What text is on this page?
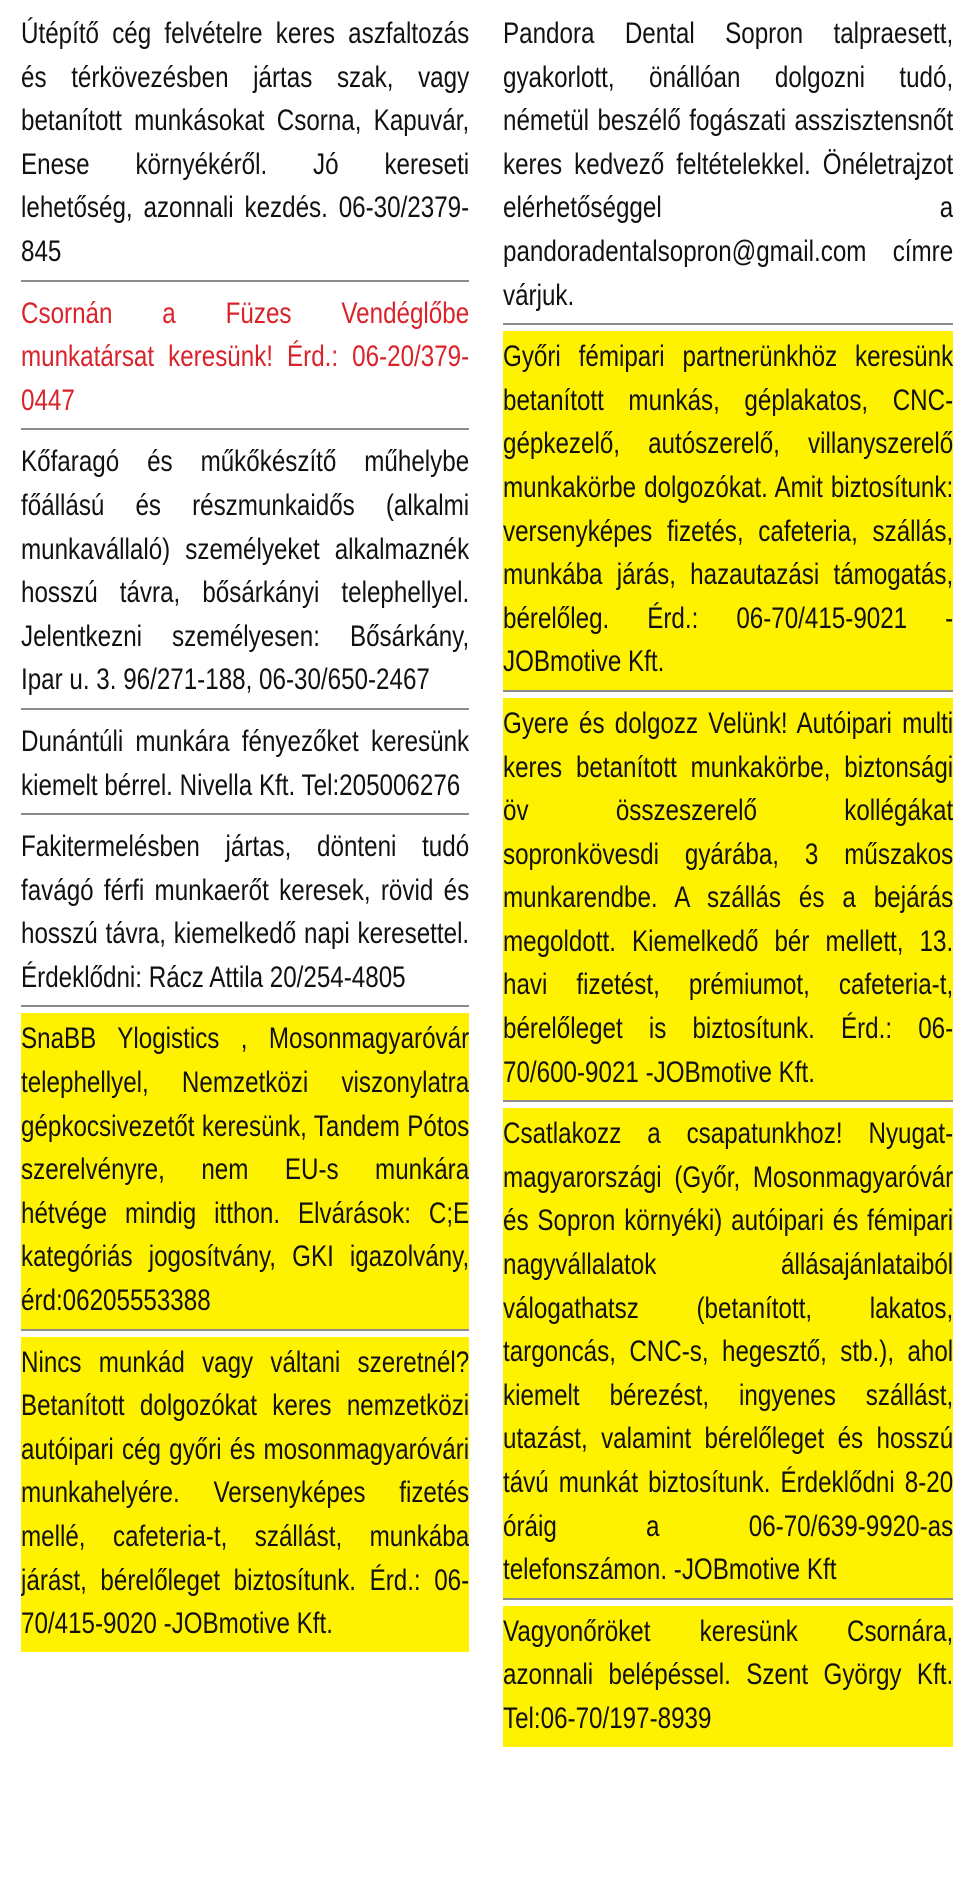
Útépítő cég felvételre keres aszfaltozás és térkövezésben jártas szak, vagy betanított munkásokat Csorna, Kapuvár, Enese környékéről. Jó kereseti lehetőség, azonnali kezdés. 06-30/2379-845
Csornán a Füzes Vendéglőbe munkatársat keresünk! Érd.: 06-20/379-0447
Kőfaragó és műkőkészítő műhelybe főállású és részmunkaidős (alkalmi munkavállaló) személyeket alkalmaznék hosszú távra, bősárkányi telephellyel. Jelentkezni személyesen: Bősárkány, Ipar u. 3. 96/271-188, 06-30/650-2467
Dunántúli munkára fényezőket keresünk kiemelt bérrel. Nivella Kft. Tel:205006276
Fakitermelésben jártas, dönteni tudó favágó férfi munkaerőt keresek, rövid és hosszú távra, kiemelkedő napi keresettel. Érdeklődni: Rácz Attila 20/254-4805
SnaBB Ylogistics , Mosonmagyaróvár telephellyel, Nemzetközi viszonylatra gépkocsivezetőt keresünk, Tandem Pótos szerelvényre, nem EU-s munkára hétvége mindig itthon. Elvárások: C;E kategóriás jogosítvány, GKI igazolvány, érd:06205553388
Nincs munkád vagy váltani szeretnél? Betanított dolgozókat keres nemzetközi autóipari cég győri és mosonmagyaróvári munkahelyére. Versenyképes fizetés mellé, cafeteria-t, szállást, munkába járást, bérelőleget biztosítunk. Érd.: 06-70/415-9020 -JOBmotive Kft.
Pandora Dental Sopron talpraesett, gyakorlott, önállóan dolgozni tudó, németül beszélő fogászati asszisztensnőt keres kedvező feltételekkel. Önéletrajzot elérhetőséggel a pandoradentalsopron@gmail.com címre várjuk.
Győri fémipari partnerünkhöz keresünk betanított munkás, géplakatos, CNC-gépkezelő, autószerelő, villanyszerelő munkakörbe dolgozókat. Amit biztosítunk: versenyképes fizetés, cafeteria, szállás, munkába járás, hazautazási támogatás, bérelőleg. Érd.: 06-70/415-9021 -JOBmotive Kft.
Gyere és dolgozz Velünk! Autóipari multi keres betanított munkakörbe, biztonsági öv összeszerelő kollégákat sopronkövesdi gyárába, 3 műszakos munkarendbe. A szállás és a bejárás megoldott. Kiemelkedő bér mellett, 13. havi fizetést, prémiumot, cafeteria-t, bérelőleget is biztosítunk. Érd.: 06-70/600-9021 -JOBmotive Kft.
Csatlakozz a csapatunkhoz! Nyugat-magyarországi (Győr, Mosonmagyaróvár és Sopron környéki) autóipari és fémipari nagyvállalatok állásajánlataiból válogathatsz (betanított, lakatos, targoncás, CNC-s, hegesztő, stb.), ahol kiemelt bérezést, ingyenes szállást, utazást, valamint bérelőleget és hosszú távú munkát biztosítunk. Érdeklődni 8-20 óráig a 06-70/639-9920-as telefonszámon. -JOBmotive Kft
Vagyonőröket keresünk Csornára, azonnali belépéssel. Szent György Kft. Tel:06-70/197-8939
